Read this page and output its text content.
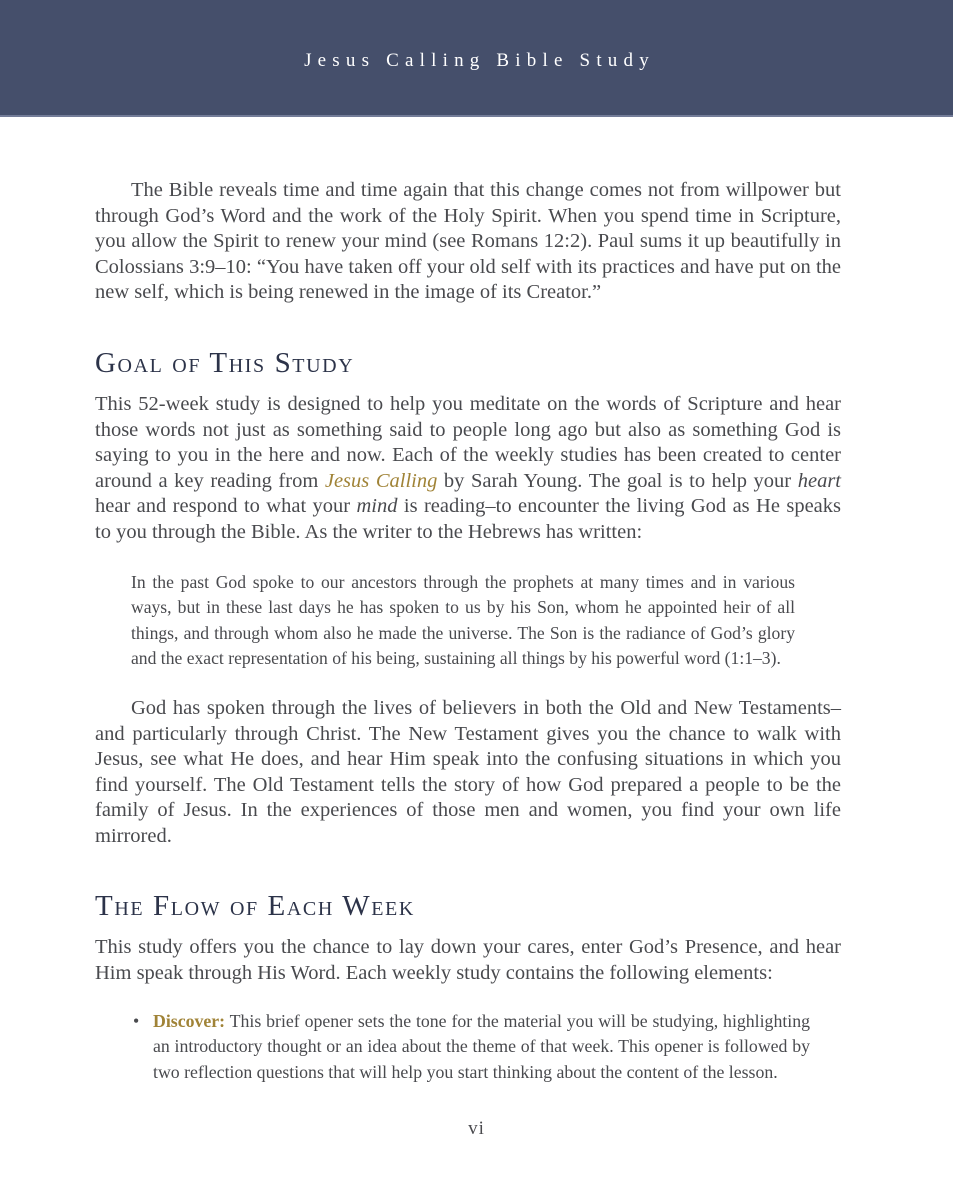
Jesus Calling Bible Study

The Bible reveals time and time again that this change comes not from willpower but through God’s Word and the work of the Holy Spirit. When you spend time in Scripture, you allow the Spirit to renew your mind (see Romans 12:2). Paul sums it up beautifully in Colossians 3:9–10: “You have taken off your old self with its practices and have put on the new self, which is being renewed in the image of its Creator.”

Goal of This Study

This 52-week study is designed to help you meditate on the words of Scripture and hear those words not just as something said to people long ago but also as something God is saying to you in the here and now. Each of the weekly studies has been created to center around a key reading from Jesus Calling by Sarah Young. The goal is to help your heart hear and respond to what your mind is reading–to encounter the living God as He speaks to you through the Bible. As the writer to the Hebrews has written:

In the past God spoke to our ancestors through the prophets at many times and in various ways, but in these last days he has spoken to us by his Son, whom he appointed heir of all things, and through whom also he made the universe. The Son is the radiance of God’s glory and the exact representation of his being, sustaining all things by his powerful word (1:1–3).

God has spoken through the lives of believers in both the Old and New Testaments–and particularly through Christ. The New Testament gives you the chance to walk with Jesus, see what He does, and hear Him speak into the confusing situations in which you find yourself. The Old Testament tells the story of how God prepared a people to be the family of Jesus. In the experiences of those men and women, you find your own life mirrored.

The Flow of Each Week

This study offers you the chance to lay down your cares, enter God’s Presence, and hear Him speak through His Word. Each weekly study contains the following elements:

• Discover: This brief opener sets the tone for the material you will be studying, highlighting an introductory thought or an idea about the theme of that week. This opener is followed by two reflection questions that will help you start thinking about the content of the lesson.
vi
